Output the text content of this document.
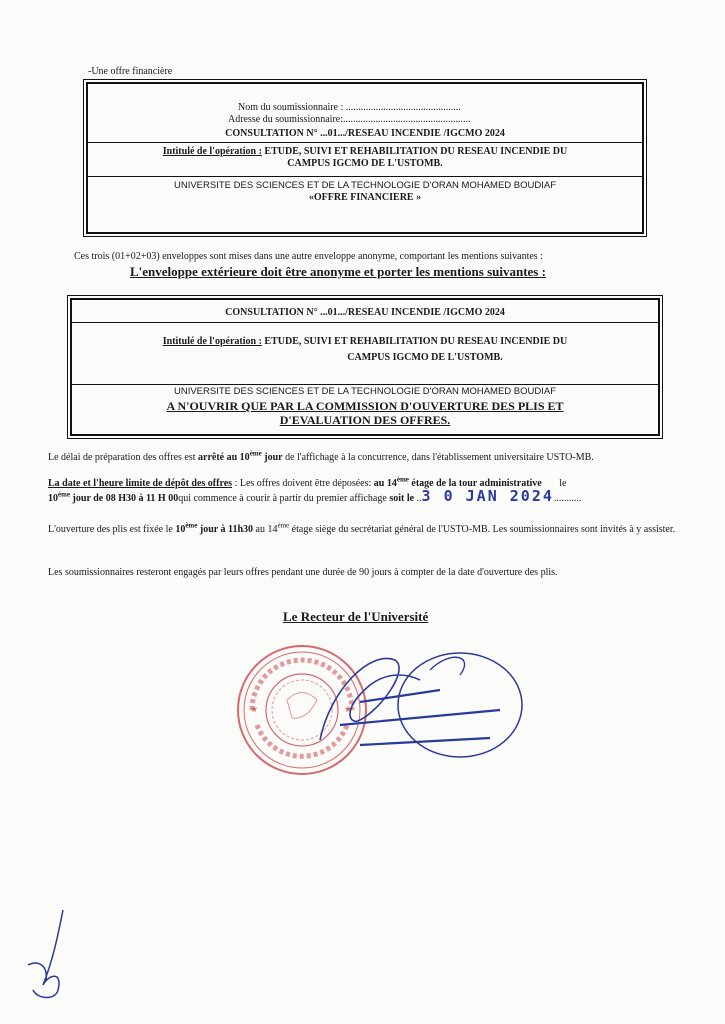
-Une offre financière
Nom du soumissionnaire : ..............................................
Adresse du soumissionnaire:...................................................
CONSULTATION N° ...01.../RESEAU INCENDIE /IGCMO 2024
Intitulé de l'opération : ETUDE, SUIVI ET REHABILITATION DU RESEAU INCENDIE DU
CAMPUS IGCMO DE L'USTOMB.
UNIVERSITE DES SCIENCES ET DE LA TECHNOLOGIE D'ORAN MOHAMED BOUDIAF
«OFFRE FINANCIERE »
Ces trois (01+02+03) enveloppes sont mises dans une autre enveloppe anonyme, comportant les mentions suivantes :
L'enveloppe extérieure doit être anonyme et porter les mentions suivantes :
CONSULTATION N° ...01.../RESEAU INCENDIE /IGCMO 2024
Intitulé de l'opération : ETUDE, SUIVI ET REHABILITATION DU RESEAU INCENDIE DU
CAMPUS IGCMO DE L'USTOMB.
UNIVERSITE DES SCIENCES ET DE LA TECHNOLOGIE D'ORAN MOHAMED BOUDIAF
A N'OUVRIR QUE PAR LA COMMISSION D'OUVERTURE DES PLIS ET
D'EVALUATION DES OFFRES.
Le délai de préparation des offres est arrêté au 10ème jour de l'affichage à la concurrence, dans l'établissement universitaire USTO-MB.
La date et l'heure limite de dépôt des offres : Les offres doivent être déposées: au 14ème étage de la tour administrative le
10ème jour de 08 H30 à 11 H 00qui commence à courir à partir du premier affichage soit le ..3 0 JAN 2024...........
L'ouverture des plis est fixée le 10ème jour à 11h30 au 14ème étage siège du secrétariat général de l'USTO-MB. Les soumissionnaires sont invités à y assister.
Les soumissionnaires resteront engagés par leurs offres pendant une durée de 90 jours à compter de la date d'ouverture des plis.
Le Recteur de l'Université
★	★
